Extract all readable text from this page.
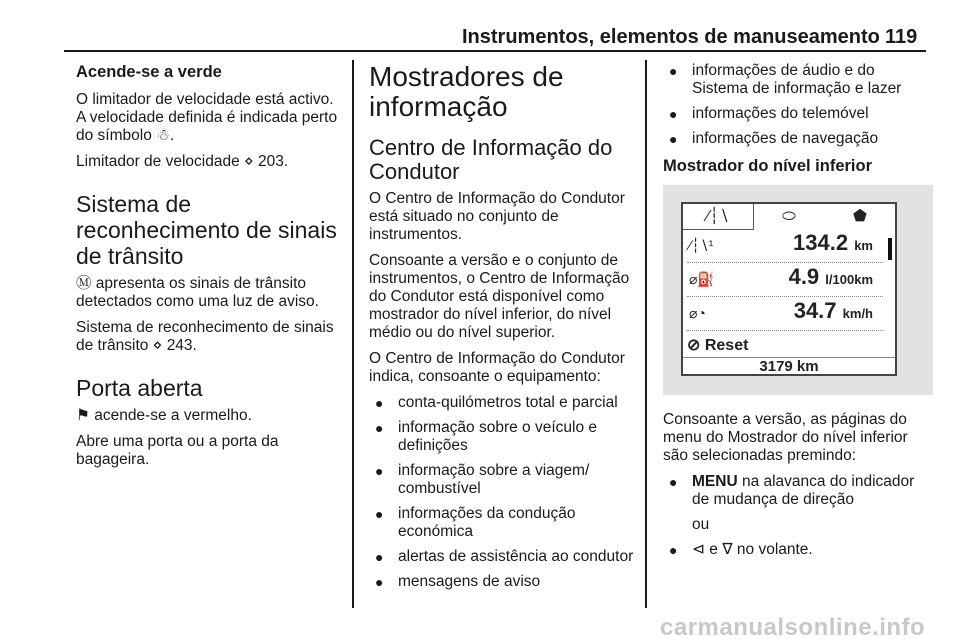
Instrumentos, elementos de manuseamento 119
Acende-se a verde

O limitador de velocidade está activo. A velocidade definida é indicada perto do símbolo ☃.

Limitador de velocidade ⋄ 203.

Sistema de reconhecimento de sinais de trânsito

Ⓜ apresenta os sinais de trânsito detectados como uma luz de aviso.

Sistema de reconhecimento de sinais de trânsito ⋄ 243.

Porta aberta

⚑ acende-se a vermelho.

Abre uma porta ou a porta da bagageira.

Mostradores de informação
Centro de Informação do Condutor

O Centro de Informação do Condutor está situado no conjunto de instrumentos.

Consoante a versão e o conjunto de instrumentos, o Centro de Informação do Condutor está disponível como mostrador do nível inferior, do nível médio ou do nível superior.

O Centro de Informação do Condutor indica, consoante o equipamento:

● conta-quilómetros total e parcial
● informação sobre o veículo e definições
● informação sobre a viagem/ combustível
● informações da condução económica
● alertas de assistência ao condutor
● mensagens de aviso
● informações de áudio e do Sistema de informação e lazer
● informações do telemóvel
● informações de navegação
Mostrador do nível inferior
∕┆∖	⬭	⬟
∕┆∖¹	134.2 km
⌀⛽	4.9 l/100km
⌀◔	34.7 km/h
⊘ Reset
3179 km

Consoante a versão, as páginas do menu do Mostrador do nível inferior são selecionadas premindo:

● MENU na alavanca do indicador de mudança de direção

ou

● ⊲ e ∇ no volante.
carmanualsonline.info
